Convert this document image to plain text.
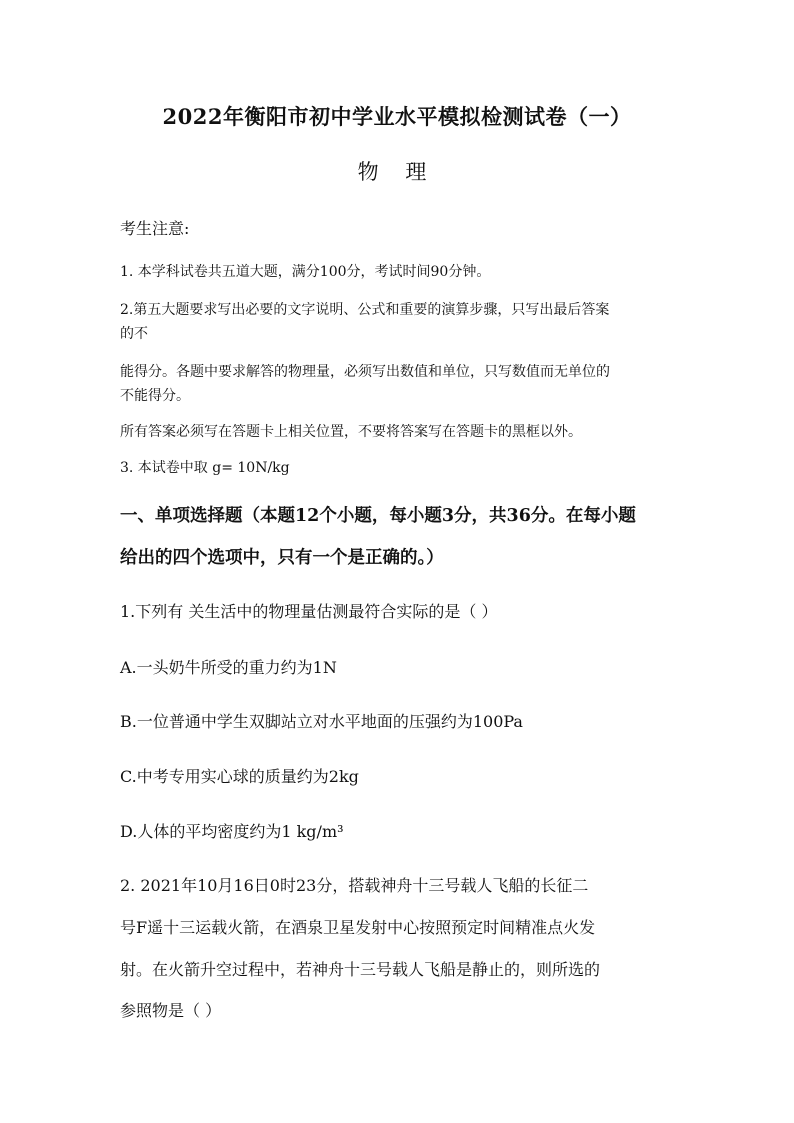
2022年衡阳市初中学业水平模拟检测试卷（一）
物 理
考生注意:
1. 本学科试卷共五道大题，满分100分，考试时间90分钟。
2.第五大题要求写出必要的文字说明、公式和重要的演算步骤，只写出最后答案
的不
能得分。各题中要求解答的物理量，必须写出数值和单位，只写数值而无单位的
不能得分。
所有答案必须写在答题卡上相关位置，不要将答案写在答题卡的黑框以外。
3. 本试卷中取 g= 10N/kg
一、单项选择题（本题12个小题，每小题3分，共36分。在每小题
给出的四个选项中，只有一个是正确的。）
1.下列有 关生活中的物理量估测最符合实际的是（ ）
A.一头奶牛所受的重力约为1N
B.一位普通中学生双脚站立对水平地面的压强约为100Pa
C.中考专用实心球的质量约为2kg
D.人体的平均密度约为1 kg/m³
2. 2021年10月16日0时23分，搭载神舟十三号载人飞船的长征二
号F遥十三运载火箭，在酒泉卫星发射中心按照预定时间精准点火发
射。在火箭升空过程中，若神舟十三号载人飞船是静止的，则所选的
参照物是（ ）
